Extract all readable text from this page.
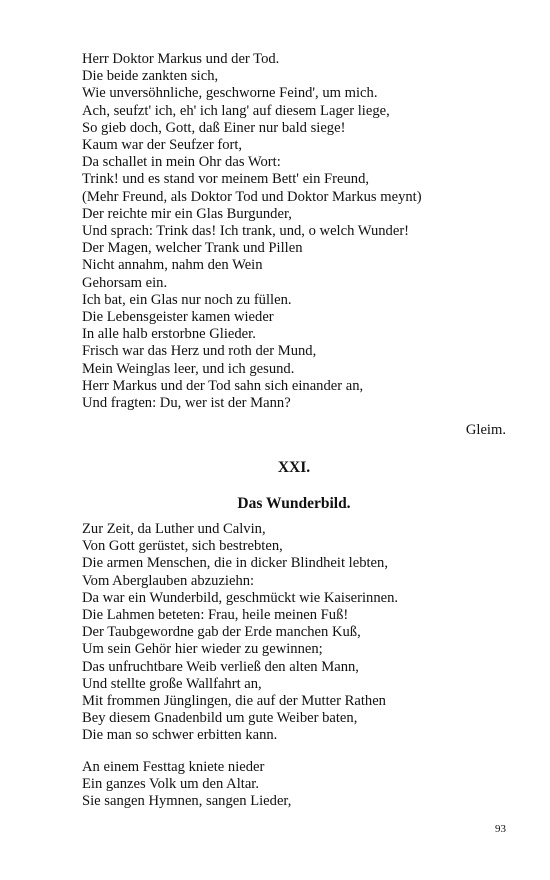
Herr Doktor Markus und der Tod.
Die beide zankten sich,
Wie unversöhnliche, geschworne Feind', um mich.
Ach, seufzt' ich, eh' ich lang' auf diesem Lager liege,
So gieb doch, Gott, daß Einer nur bald siege!
Kaum war der Seufzer fort,
Da schallet in mein Ohr das Wort:
Trink! und es stand vor meinem Bett' ein Freund,
(Mehr Freund, als Doktor Tod und Doktor Markus meynt)
Der reichte mir ein Glas Burgunder,
Und sprach: Trink das! Ich trank, und, o welch Wunder!
Der Magen, welcher Trank und Pillen
Nicht annahm, nahm den Wein
Gehorsam ein.
Ich bat, ein Glas nur noch zu füllen.
Die Lebensgeister kamen wieder
In alle halb erstorbne Glieder.
Frisch war das Herz und roth der Mund,
Mein Weinglas leer, und ich gesund.
Herr Markus und der Tod sahn sich einander an,
Und fragten: Du, wer ist der Mann?
Gleim.
XXI.
Das Wunderbild.
Zur Zeit, da Luther und Calvin,
Von Gott gerüstet, sich bestrebten,
Die armen Menschen, die in dicker Blindheit lebten,
Vom Aberglauben abzuziehn:
Da war ein Wunderbild, geschmückt wie Kaiserinnen.
Die Lahmen beteten: Frau, heile meinen Fuß!
Der Taubgewordne gab der Erde manchen Kuß,
Um sein Gehör hier wieder zu gewinnen;
Das unfruchtbare Weib verließ den alten Mann,
Und stellte große Wallfahrt an,
Mit frommen Jünglingen, die auf der Mutter Rathen
Bey diesem Gnadenbild um gute Weiber baten,
Die man so schwer erbitten kann.
An einem Festtag kniete nieder
Ein ganzes Volk um den Altar.
Sie sangen Hymnen, sangen Lieder,
93
